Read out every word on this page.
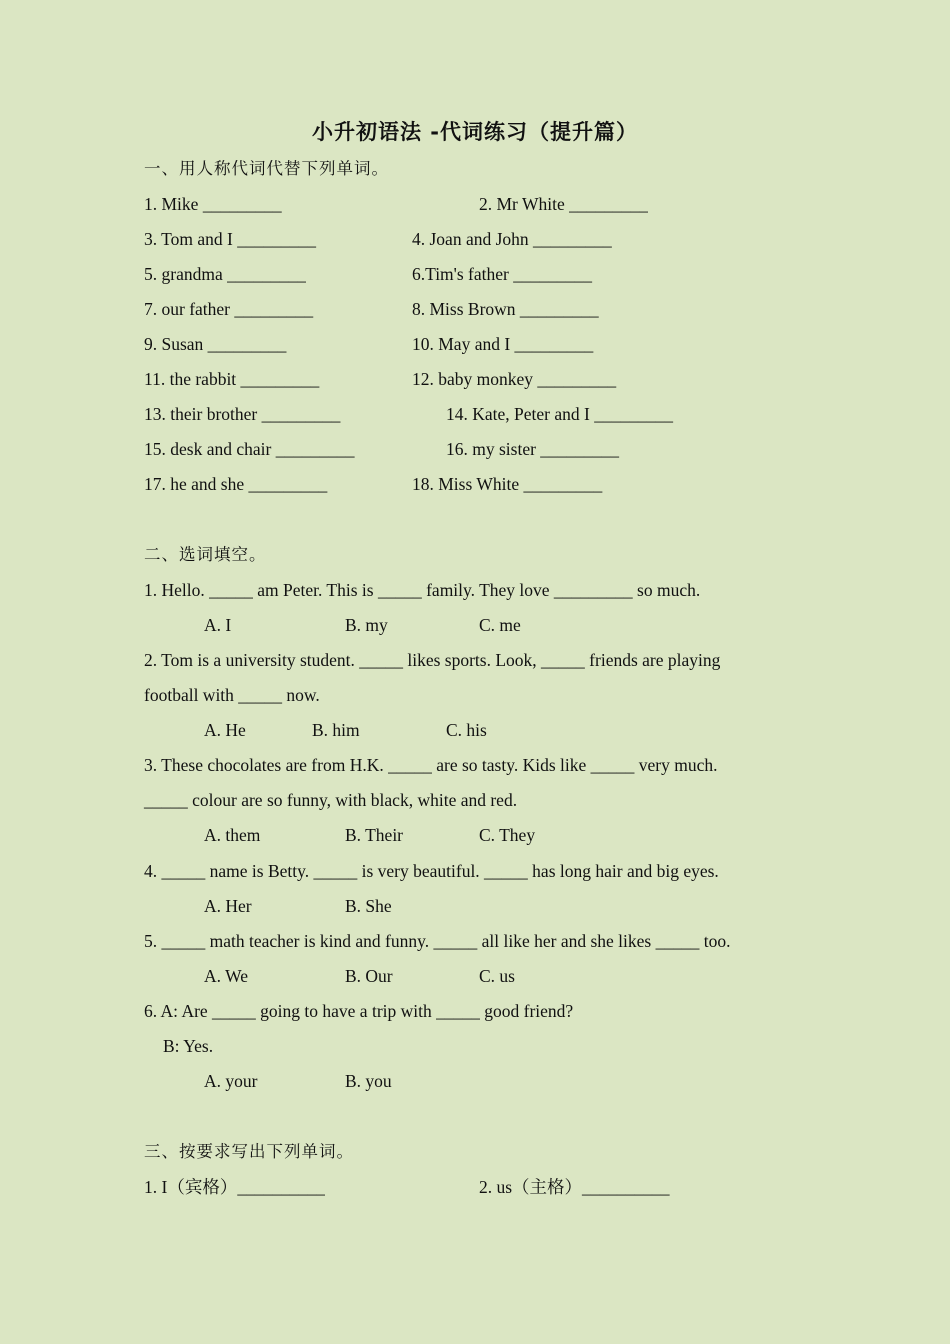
小升初语法 -代词练习（提升篇）
一、用人称代词代替下列单词。
1. Mike _________	2. Mr White _________
3. Tom and I _________	4. Joan and John _________
5. grandma _________	6.Tim's father _________
7. our father _________	8. Miss Brown _________
9. Susan _________	10. May and I _________
11. the rabbit _________	12. baby monkey _________
13. their brother _________	14. Kate, Peter and I _________
15. desk and chair _________	16. my sister _________
17. he and she _________	18. Miss White _________
二、选词填空。
1. Hello. _____ am Peter. This is _____ family. They love _________ so much.
A. I	B. my	C. me
2. Tom is a university student. _____ likes sports. Look, _____ friends are playing
football with _____ now.
A. He	B. him	C. his
3. These chocolates are from H.K. _____ are so tasty. Kids like _____ very much.
_____ colour are so funny, with black, white and red.
A. them	B. Their	C. They
4. _____ name is Betty. _____ is very beautiful. _____ has long hair and big eyes.
A. Her	B. She
5. _____ math teacher is kind and funny. _____ all like her and she likes _____ too.
A. We	B. Our	C. us
6. A: Are _____ going to have a trip with _____ good friend?
B: Yes.
A. your	B. you
三、按要求写出下列单词。
1. I（宾格）__________	2. us（主格）__________
